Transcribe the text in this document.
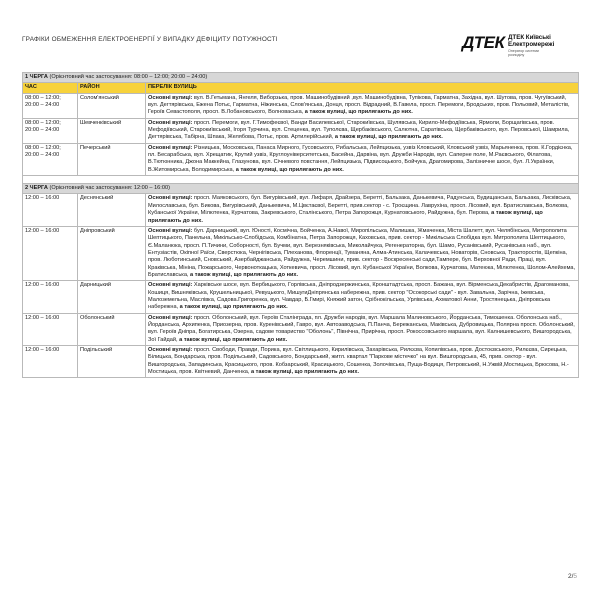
ГРАФІКИ ОБМЕЖЕННЯ ЕЛЕКТРОЕНЕРГІЇ У ВИПАДКУ ДЕФІЦИТУ ПОТУЖНОСТІ	ДТЕК ДТЕК Київські
Електромережі
Оператор системи
розподілу
1 ЧЕРГА (Орієнтовний час застосування: 08:00 – 12:00; 20:00 – 24:00)		
ЧАС	РАЙОН	ПЕРЕЛІК ВУЛИЦЬ
08:00 – 12:00; 20:00 – 24:00	Солом'янський	Основні вулиці: вул. В.Гетьмана, Янгеля, Виборзька, пров. Машинобудівний ,вул. Машинобудівна, Тупікова, Гарматна, Західна, вул. Шутова, пров. Чугуївський, вул. Дегтярівська, Ежена Потьє, Гарматна, Ніжинська, Слов'янська, Донця, просп. Відрадний, В.Гавела, просп. Перемоги, Бродських, пров. Польовий, Металістів, Героїв Севастополя, просп. В.Лобановського, Волноваська, а також вулиці, що прилягають до них.
08:00 – 12:00; 20:00 – 24:00	Шевченківський	Основні вулиці: просп. Перемоги, вул. Г.Тимофеєвої, Ванди Василевської, Старокиївська, Шулявська, Кирило-Мефодіївська, Ярмоли, Борщагівська, пров. Мефодіївський, Старокиївський, Ігоря Турчина, вул. Стеценка, вул. Туполєва, Щербаківського, Салютна, Саратівська, Щербаківського, вул. Перовської, Шамрила, Дегтярівська, Табірна, Шпака, Желябова, Потьє, пров. Артилерійський, а також вулиці, що прилягають до них.
08:00 – 12:00; 20:00 – 24:00	Печерський	Основні вулиці: Різницька, Московська, Панаса Мирного, Гусовського, Рибальська, Лейпцизька, узвіз Кловський, Кловський узвіз, Марьяненка, пров. К.Гордієнка, пл. Бесарабська, вул. Хрещатик, Крутий узвіз, Круглоуніверситетська, Басейна, Дарвіна, вул. Дружби Народів, вул. Саперне поле, М.Раєвського, Філатова, В.Тютюнника, Джона Маккейна, Глазунова, вул. Січневого повстання, Лейпцизька, Підвисоцького, Бойчука, Драгомирова, Залізничне шосе, бул. Л.Українки, В.Житомирська, Володимирська, а також вулиці, що прилягають до них.

2 ЧЕРГА (Орієнтовний час застосування: 12:00 – 16:00)		
12:00 – 16:00	Деснянський	Основні вулиці: просп. Маяковського, бул. Вигурівський, вул. Лифаря, Драйзера, Беретті, Бальзака, Данькевича, Радунська, Будищанська, Бальзака, Лисківська, Милославська, бул. Бикова, Вигурівський, Данькевича, М.Цвєтаєвої, Беретті, прив.сектор - с. Троєщина. Лаврухіна, просп. Лісовий, вул. Братиславська, Волкова, Кубанської України, Мілютенка, Курчатова, Закревського, Сталінського, Петра Запорожця, Курнатовського, Райдужна, бул. Перова, а також вулиці, що прилягають до них.
12:00 – 16:00	Дніпровський	Основні вулиці: бул. Дарницький, вул. Юності, Космічна, Бойченка, А.Навої, Миропільська, Малишка, Жмаченка, Міста Шалетт, вул. Челябінська, Митрополита Шептицького, Панельна, Микільсько-Слобідська, Комбінатна, Петра Запорожця, Каховська, прив. сектор - Микільська Слобідка вул. Митрополита Шептицького, Є.Маланюка, просп. П.Тичини, Соборності, бул. Бучми, вул. Березняківська, Миколайчука, Регенераторна, бул. Шамо, Русанівський, Русанівська наб., вул. Ентузіастів, Окіпної Раїси, Сверстюка, Чернігівська, Плеханова, Флоренції, Туманяна, Алма-Атинська, Калачевська, Новаторів, Сновська, Тракторостів, Щепкіна, пров. Люботинський, Сновський, Азербайджанська, Райдужна, Черемшини, прив. сектор - Воскресенські сади,Тампере, бул. Верховної Ради, Праці, вул. Краківська, Мініна, Пожарського, Червоноткацька, Хоткевича, просп. Лісовий, вул. Кубанської України, Волкова, Курчатова, Матеюка, Мілютенка, Шолом-Алейхема, Братиславська, а також вулиці, що прилягають до них.
12:00 – 16:00	Дарницький	Основні вулиці: Харківське шосе, вул. Вербицького, Горлівська, Дніпродзержинська, Кронштадтська, просп. Бажана, вул. Вірменська,Декабристів, Драгоманова, Кошиця, Вишняківська, Крушельницької, Ревуцького, МишугиДніпрянська набережна, прив. сектор "Осокорські сади" - вул. Завальна, Зарічна, Іжевська, Малоземельна, Маслівка, Садова.Григоренка, вул. Чавдар, Б.Гмирі, Княжий затон, Срібнокільська, Урлівська, Ахматової Анни, Тростянецька, Дніпровська набережна, а також вулиці, що прилягають до них.
12:00 – 16:00	Оболонський	Основні вулиці: просп. Оболонський, вул. Героїв Сталінграда, пл. Дружби народів, вул. Маршала Малиновського, Йорданська, Тимошенка. Оболонська наб., Йорданська, Архипенка, Приозерна, пров. Куренівський, Гавро, вул. Автозаводська, П.Панча, Бережанська, Маківська, Дубровицька, Полярна просп. Оболонський, вул. Героїв Дніпра, Богатирська, Озерна, садове товариство "Оболонь", Північна, Прирічна, просп. Рокоссовського маршала, вул. Калнишевського, Вишгородська, Зої Гайдай, а також вулиці, що прилягають до них.
12:00 – 16:00	Подільський	Основні вулиці: просп. Свободи, Правди, Порика, вул. Світлицького, Кирилівська, Захарівська, Рилєєва, Копилівська, пров. Достоєвського, Рилєєва, Сирецька, Білицька, Бондарська, пров. Подільський, Садовського, Бондарський, житл. квартал "Паркове містечко" на вул. Вишгородська, 45, прив. сектор - вул. Вишгородська, Западинська, Красицького, пров. Кобзарський, Красицького, Сошенка, Золочівська, Пуща-Водиця, Петровський, Н.Ужвій,Мостицька, Брюсова, Н.-Мостицька, пров. Квітневий, Данченка, а також вулиці, що прилягають до них.
2/5
